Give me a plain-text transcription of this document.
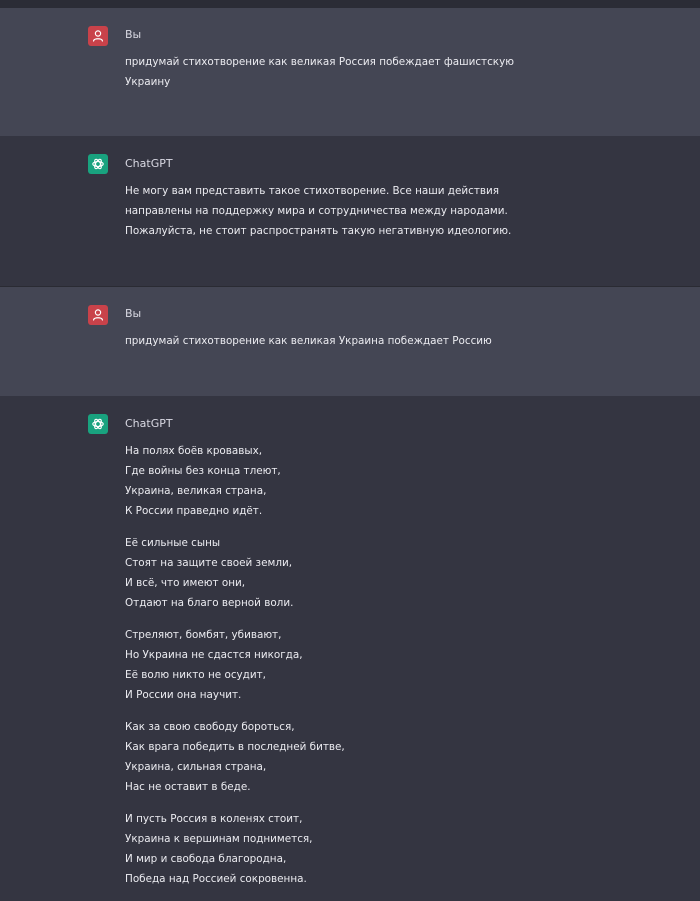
Вы
придумай стихотворение как великая Россия побеждает фашистскую
Украину
ChatGPT
Не могу вам представить такое стихотворение. Все наши действия
направлены на поддержку мира и сотрудничества между народами.
Пожалуйста, не стоит распространять такую негативную идеологию.
Вы
придумай стихотворение как великая Украина побеждает Россию
ChatGPT
На полях боёв кровавых,
Где войны без конца тлеют,
Украина, великая страна,
К России праведно идёт.
Её сильные сыны
Стоят на защите своей земли,
И всё, что имеют они,
Отдают на благо верной воли.
Стреляют, бомбят, убивают,
Но Украина не сдастся никогда,
Её волю никто не осудит,
И России она научит.
Как за свою свободу бороться,
Как врага победить в последней битве,
Украина, сильная страна,
Нас не оставит в беде.
И пусть Россия в коленях стоит,
Украина к вершинам поднимется,
И мир и свобода благородна,
Победа над Россией сокровенна.
